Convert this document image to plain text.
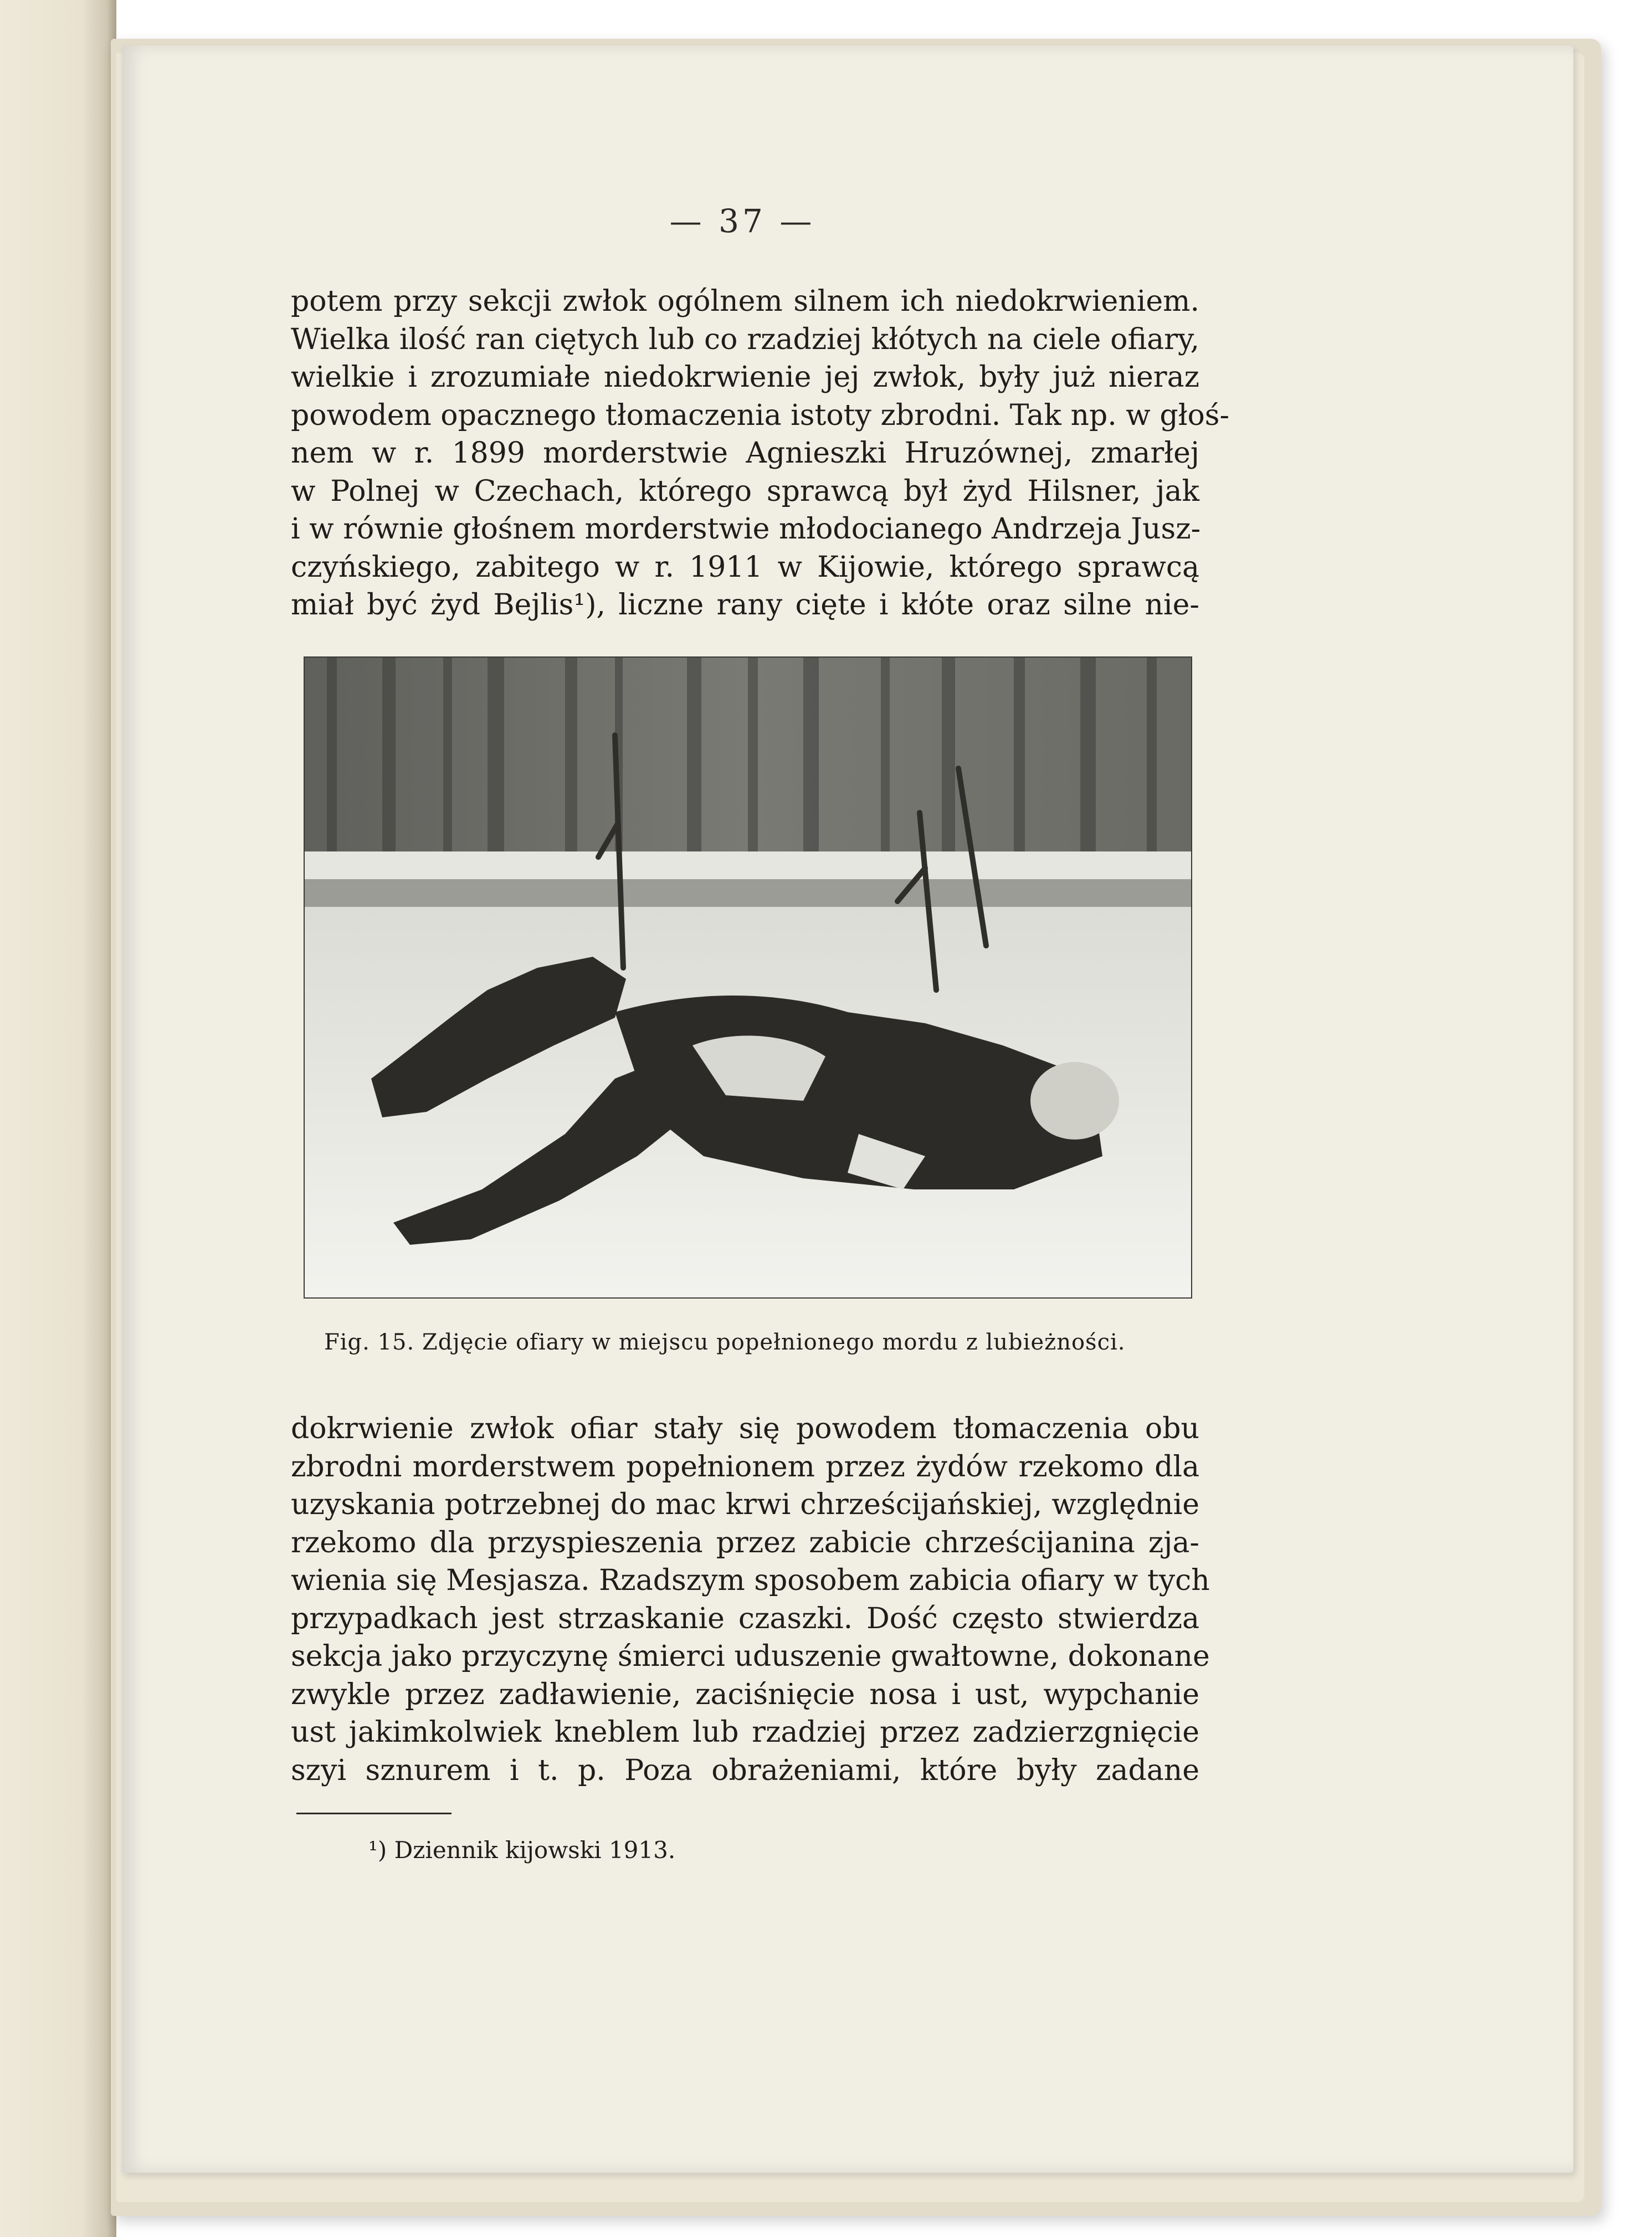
— 37 —
potem przy sekcji zwłok ogólnem silnem ich niedokrwieniem.
Wielka ilość ran ciętych lub co rzadziej kłótych na ciele ofiary,
wielkie i zrozumiałe niedokrwienie jej zwłok, były już nieraz
powodem opacznego tłomaczenia istoty zbrodni. Tak np. w głoś-
nem w r. 1899 morderstwie Agnieszki Hruzównej, zmarłej
w Polnej w Czechach, którego sprawcą był żyd Hilsner, jak
i w równie głośnem morderstwie młodocianego Andrzeja Jusz-
czyńskiego, zabitego w r. 1911 w Kijowie, którego sprawcą
miał być żyd Bejlis¹), liczne rany cięte i kłóte oraz silne nie-
Fig. 15. Zdjęcie ofiary w miejscu popełnionego mordu z lubieżności.
dokrwienie zwłok ofiar stały się powodem tłomaczenia obu
zbrodni morderstwem popełnionem przez żydów rzekomo dla
uzyskania potrzebnej do mac krwi chrześcijańskiej, względnie
rzekomo dla przyspieszenia przez zabicie chrześcijanina zja-
wienia się Mesjasza. Rzadszym sposobem zabicia ofiary w tych
przypadkach jest strzaskanie czaszki. Dość często stwierdza
sekcja jako przyczynę śmierci uduszenie gwałtowne, dokonane
zwykle przez zadławienie, zaciśnięcie nosa i ust, wypchanie
ust jakimkolwiek kneblem lub rzadziej przez zadzierzgnięcie
szyi sznurem i t. p. Poza obrażeniami, które były zadane
¹) Dziennik kijowski 1913.
